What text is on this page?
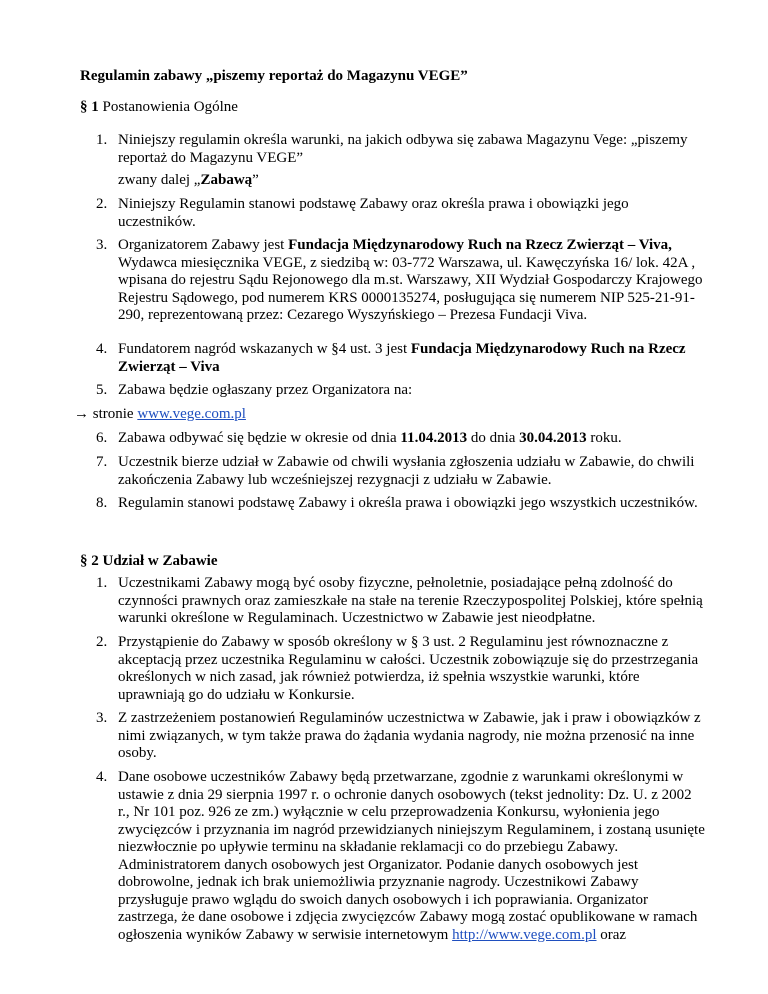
Regulamin zabawy „piszemy reportaż do Magazynu VEGE”
§ 1 Postanowienia Ogólne
1. Niniejszy regulamin określa warunki, na jakich odbywa się zabawa Magazynu Vege: „piszemy reportaż do Magazynu VEGE”
zwany dalej „Zabawą”
2. Niniejszy Regulamin stanowi podstawę Zabawy oraz określa prawa i obowiązki jego uczestników.
3. Organizatorem Zabawy jest Fundacja Międzynarodowy Ruch na Rzecz Zwierząt – Viva, Wydawca miesięcznika VEGE, z siedzibą w: 03-772 Warszawa, ul. Kawęczyńska 16/ lok. 42A , wpisana do rejestru Sądu Rejonowego dla m.st. Warszawy, XII Wydział Gospodarczy Krajowego Rejestru Sądowego, pod numerem KRS 0000135274, posługująca się numerem NIP 525-21-91-290, reprezentowaną przez: Cezarego Wyszyńskiego – Prezesa Fundacji Viva.
4. Fundatorem nagród wskazanych w §4 ust. 3 jest Fundacja Międzynarodowy Ruch na Rzecz Zwierząt – Viva
5. Zabawa będzie ogłaszany przez Organizatora na:
→ stronie www.vege.com.pl
6. Zabawa odbywać się będzie w okresie od dnia 11.04.2013 do dnia 30.04.2013 roku.
7. Uczestnik bierze udział w Zabawie od chwili wysłania zgłoszenia udziału w Zabawie, do chwili zakończenia Zabawy lub wcześniejszej rezygnacji z udziału w Zabawie.
8. Regulamin stanowi podstawę Zabawy i określa prawa i obowiązki jego wszystkich uczestników.
§ 2 Udział w Zabawie
1. Uczestnikami Zabawy mogą być osoby fizyczne, pełnoletnie, posiadające pełną zdolność do czynności prawnych oraz zamieszkałe na stałe na terenie Rzeczypospolitej Polskiej, które spełnią warunki określone w Regulaminach. Uczestnictwo w Zabawie jest nieodpłatne.
2. Przystąpienie do Zabawy w sposób określony w § 3 ust. 2 Regulaminu jest równoznaczne z akceptacją przez uczestnika Regulaminu w całości. Uczestnik zobowiązuje się do przestrzegania określonych w nich zasad, jak również potwierdza, iż spełnia wszystkie warunki, które uprawniają go do udziału w Konkursie.
3. Z zastrzeżeniem postanowień Regulaminów uczestnictwa w Zabawie, jak i praw i obowiązków z nimi związanych, w tym także prawa do żądania wydania nagrody, nie można przenosić na inne osoby.
4. Dane osobowe uczestników Zabawy będą przetwarzane, zgodnie z warunkami określonymi w ustawie z dnia 29 sierpnia 1997 r. o ochronie danych osobowych (tekst jednolity: Dz. U. z 2002 r., Nr 101 poz. 926 ze zm.) wyłącznie w celu przeprowadzenia Konkursu, wyłonienia jego zwycięzców i przyznania im nagród przewidzianych niniejszym Regulaminem, i zostaną usunięte niezwłocznie po upływie terminu na składanie reklamacji co do przebiegu Zabawy. Administratorem danych osobowych jest Organizator. Podanie danych osobowych jest dobrowolne, jednak ich brak uniemożliwia przyznanie nagrody. Uczestnikowi Zabawy przysługuje prawo wglądu do swoich danych osobowych i ich poprawiania. Organizator zastrzega, że dane osobowe i zdjęcia zwycięzców Zabawy mogą zostać opublikowane w ramach ogłoszenia wyników Zabawy w serwisie internetowym http://www.vege.com.pl oraz
